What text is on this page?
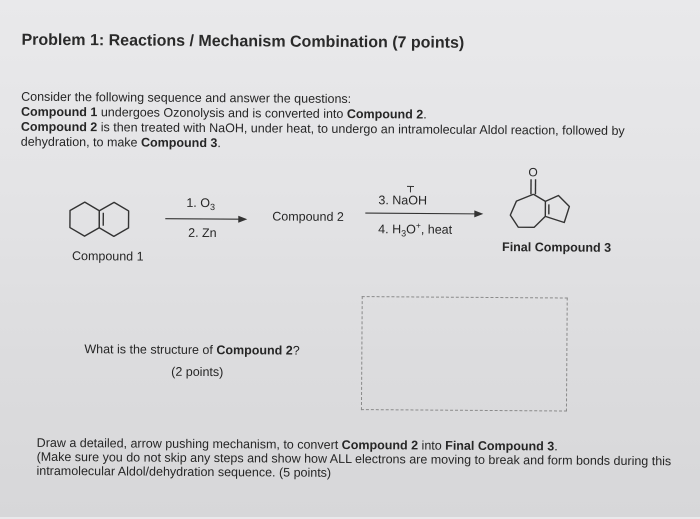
Problem 1: Reactions / Mechanism Combination (7 points)
Consider the following sequence and answer the questions:
Compound 1 undergoes Ozonolysis and is converted into Compound 2.
Compound 2 is then treated with NaOH, under heat, to undergo an intramolecular Aldol reaction, followed by
dehydration, to make Compound 3.
O
1. $O_3$
2. Zn
Compound 1
Compound 2
3. NaOH
4. $H_3O^+$, heat
Final Compound 3
What is the structure of Compound 2?
(2 points)
Draw a detailed, arrow pushing mechanism, to convert Compound 2 into Final Compound 3.
(Make sure you do not skip any steps and show how ALL electrons are moving to break and form bonds during this
intramolecular Aldol/dehydration sequence. (5 points)
